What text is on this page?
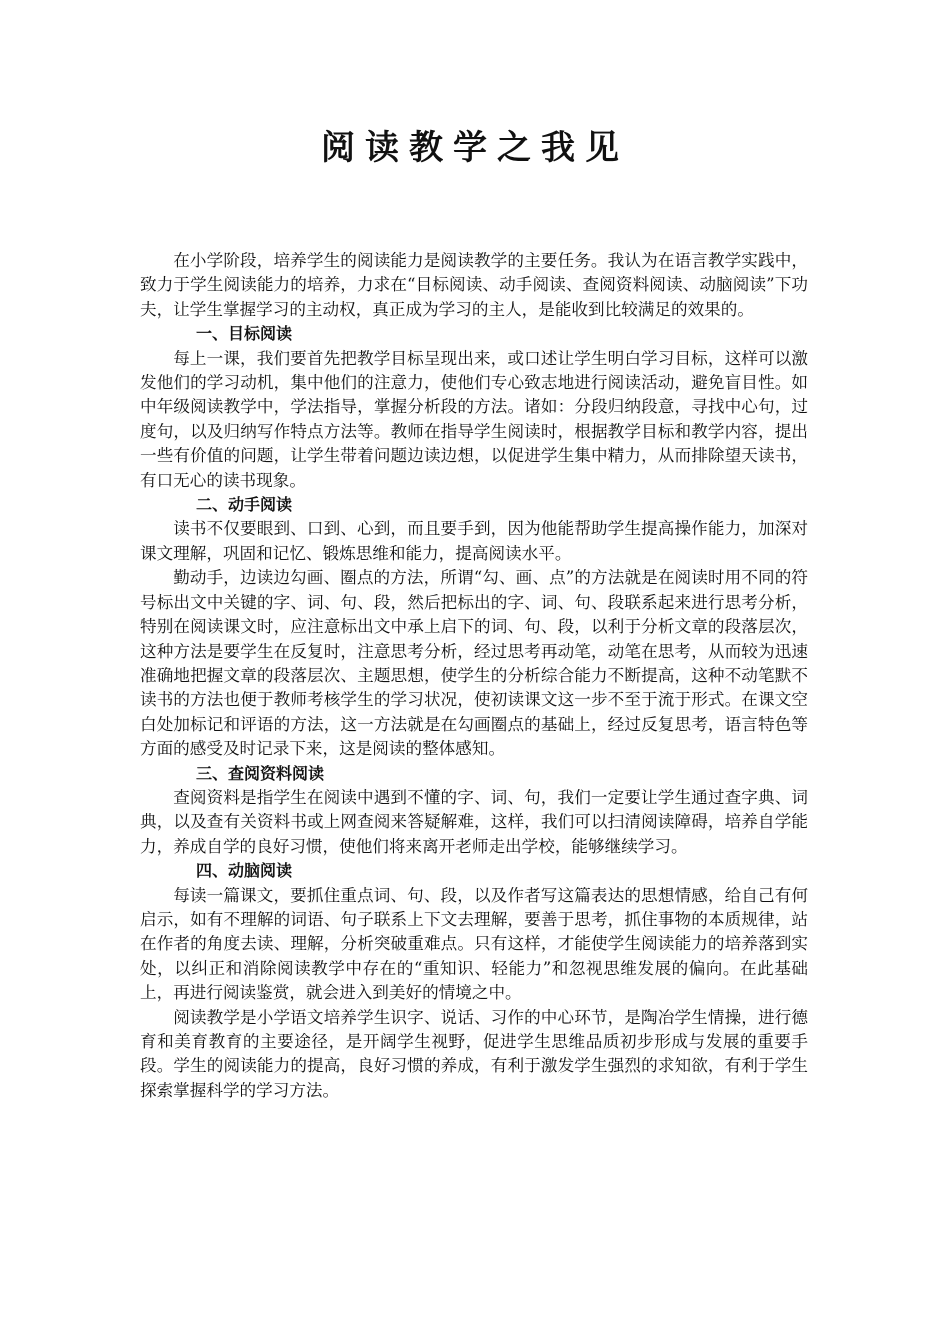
阅读教学之我见

在小学阶段，培养学生的阅读能力是阅读教学的主要任务。我认为在语言教学实践中，致力于学生阅读能力的培养，力求在“目标阅读、动手阅读、查阅资料阅读、动脑阅读”下功夫，让学生掌握学习的主动权，真正成为学习的主人，是能收到比较满足的效果的。

一、目标阅读

每上一课，我们要首先把教学目标呈现出来，或口述让学生明白学习目标，这样可以激发他们的学习动机，集中他们的注意力，使他们专心致志地进行阅读活动，避免盲目性。如中年级阅读教学中，学法指导，掌握分析段的方法。诸如：分段归纳段意，寻找中心句，过度句，以及归纳写作特点方法等。教师在指导学生阅读时，根据教学目标和教学内容，提出一些有价值的问题，让学生带着问题边读边想，以促进学生集中精力，从而排除望天读书，有口无心的读书现象。

二、动手阅读

读书不仅要眼到、口到、心到，而且要手到，因为他能帮助学生提高操作能力，加深对课文理解，巩固和记忆、锻炼思维和能力，提高阅读水平。

勤动手，边读边勾画、圈点的方法，所谓“勾、画、点”的方法就是在阅读时用不同的符号标出文中关键的字、词、句、段，然后把标出的字、词、句、段联系起来进行思考分析，特别在阅读课文时，应注意标出文中承上启下的词、句、段，以利于分析文章的段落层次，这种方法是要学生在反复时，注意思考分析，经过思考再动笔，动笔在思考，从而较为迅速准确地把握文章的段落层次、主题思想，使学生的分析综合能力不断提高，这种不动笔默不读书的方法也便于教师考核学生的学习状况，使初读课文这一步不至于流于形式。在课文空白处加标记和评语的方法，这一方法就是在勾画圈点的基础上，经过反复思考，语言特色等方面的感受及时记录下来，这是阅读的整体感知。

三、查阅资料阅读

查阅资料是指学生在阅读中遇到不懂的字、词、句，我们一定要让学生通过查字典、词典，以及查有关资料书或上网查阅来答疑解难，这样，我们可以扫清阅读障碍，培养自学能力，养成自学的良好习惯，使他们将来离开老师走出学校，能够继续学习。

四、动脑阅读

每读一篇课文，要抓住重点词、句、段，以及作者写这篇表达的思想情感，给自己有何启示，如有不理解的词语、句子联系上下文去理解，要善于思考，抓住事物的本质规律，站在作者的角度去读、理解，分析突破重难点。只有这样，才能使学生阅读能力的培养落到实处，以纠正和消除阅读教学中存在的“重知识、轻能力”和忽视思维发展的偏向。在此基础上，再进行阅读鉴赏，就会进入到美好的情境之中。

阅读教学是小学语文培养学生识字、说话、习作的中心环节，是陶冶学生情操，进行德育和美育教育的主要途径，是开阔学生视野，促进学生思维品质初步形成与发展的重要手段。学生的阅读能力的提高，良好习惯的养成，有利于激发学生强烈的求知欲，有利于学生探索掌握科学的学习方法。
